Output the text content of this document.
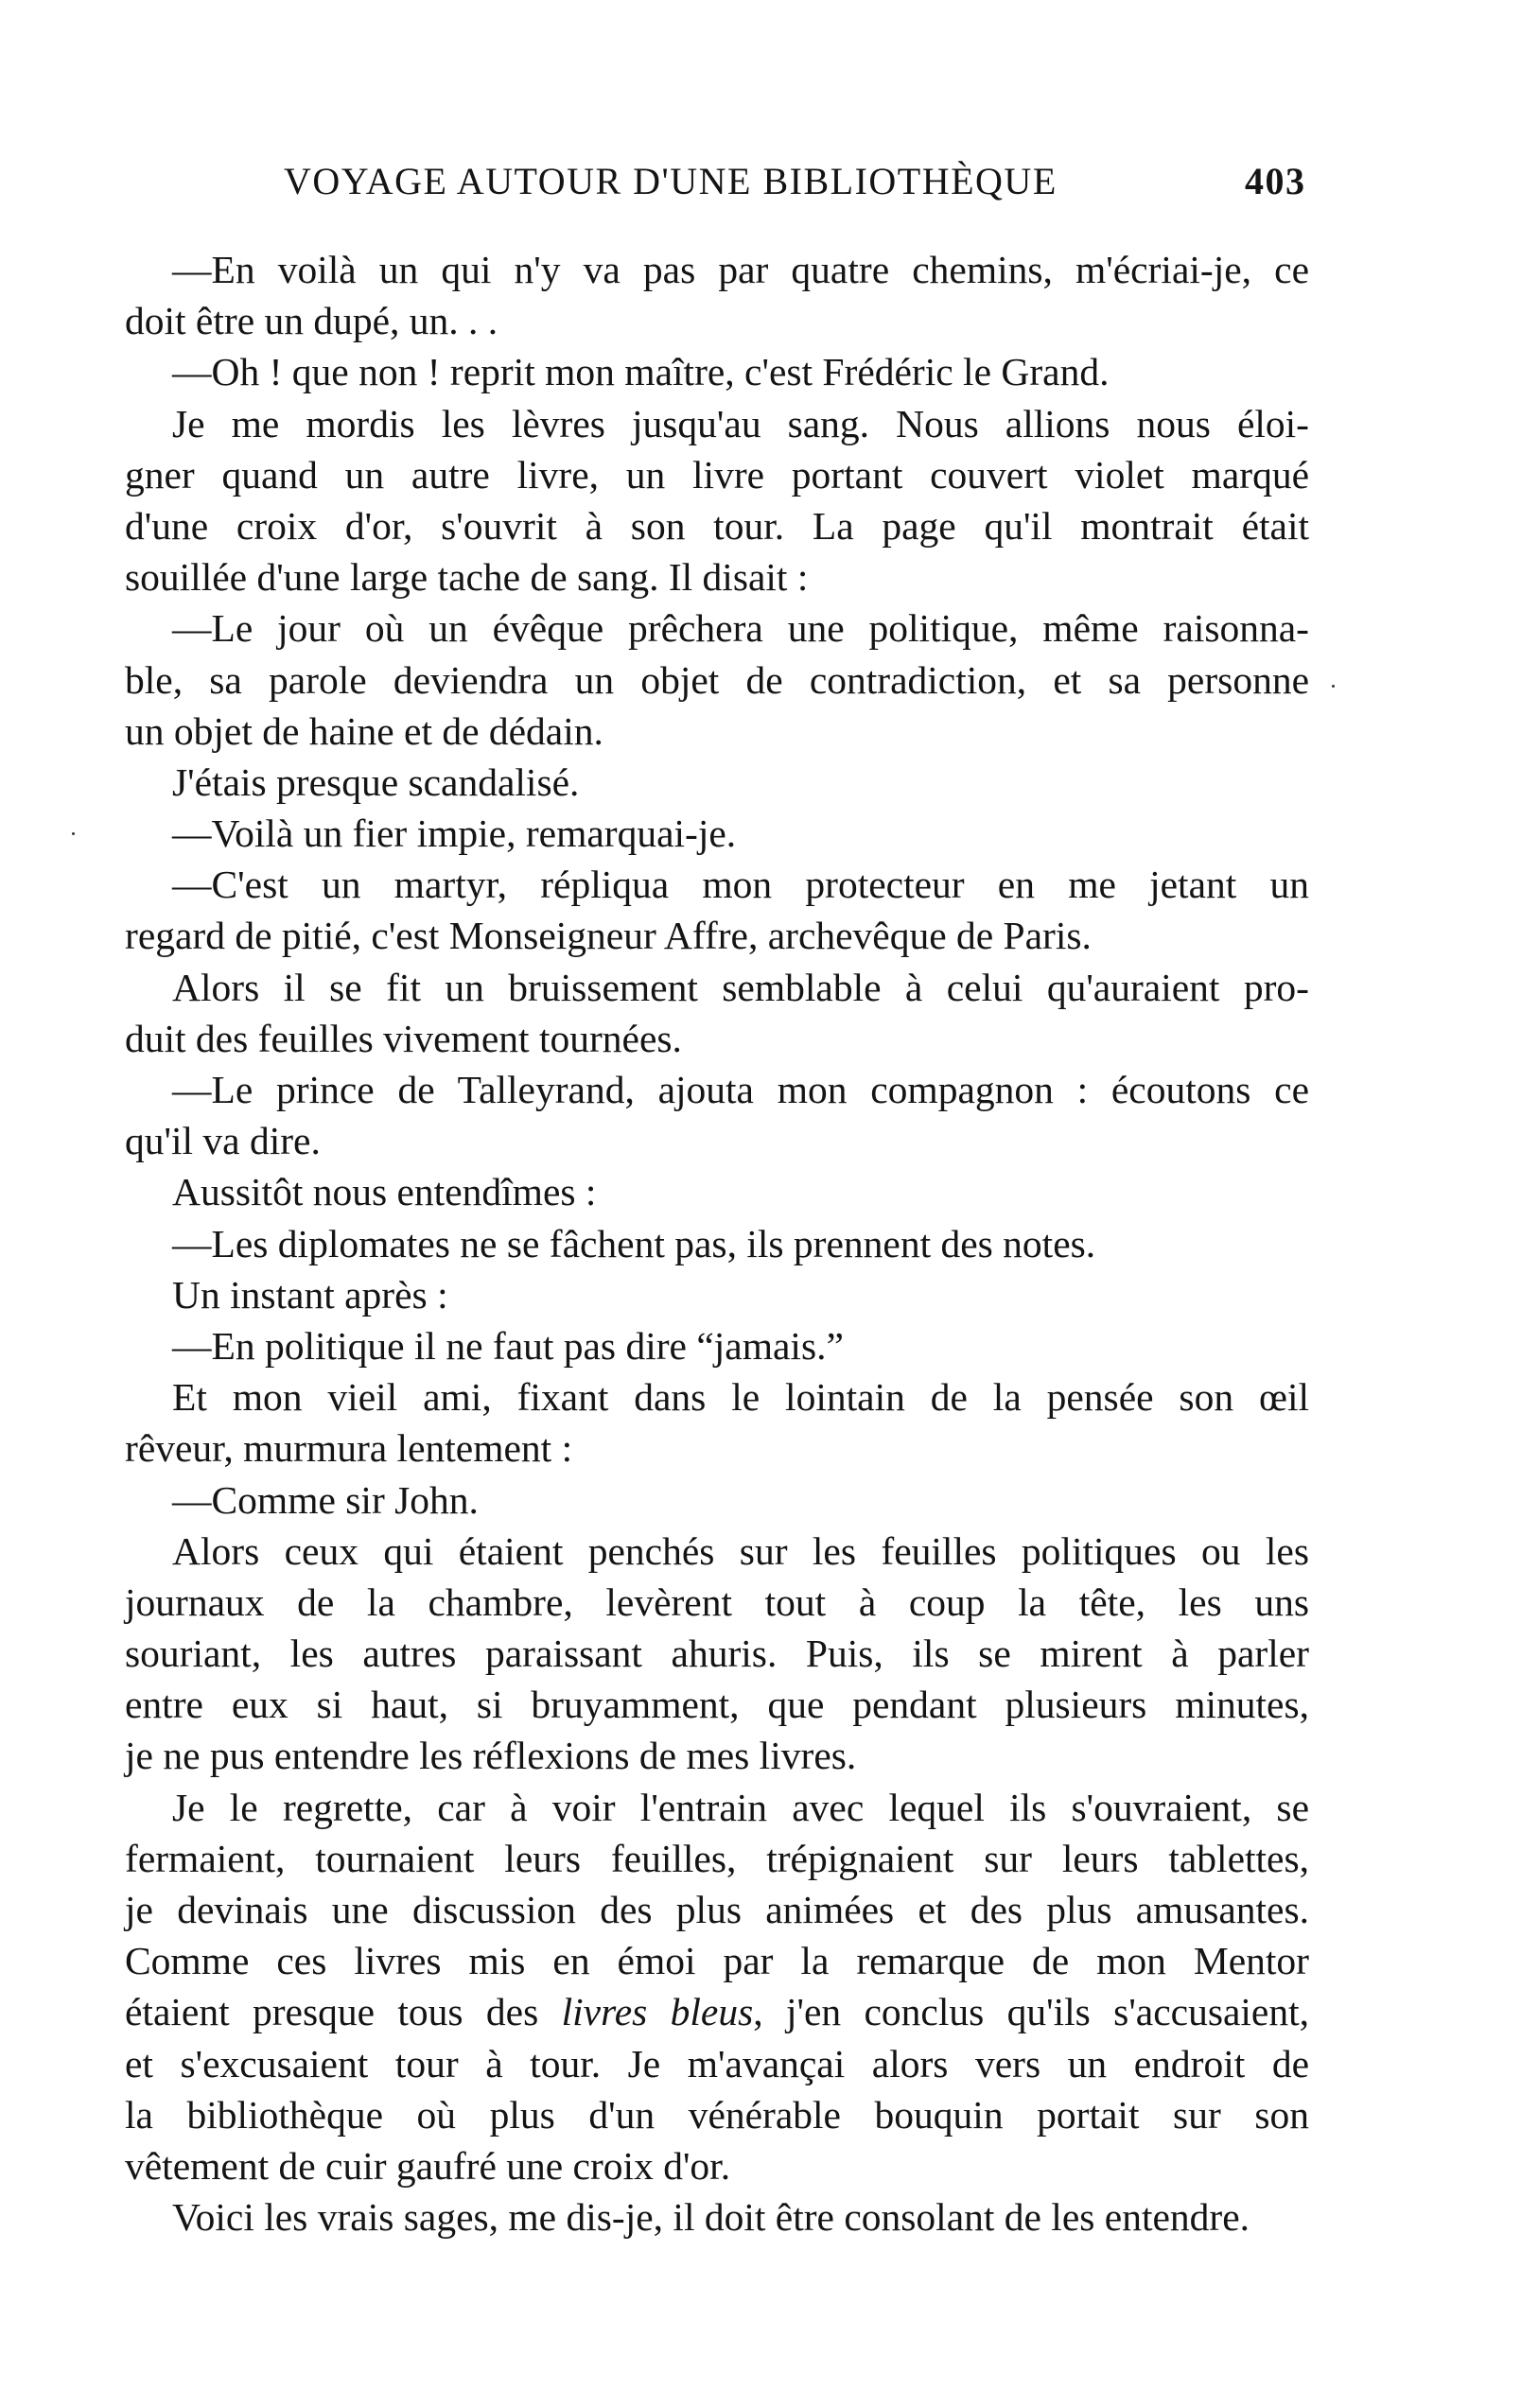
VOYAGE AUTOUR D'UNE BIBLIOTHÈQUE	403
—En voilà un qui n'y va pas par quatre chemins, m'écriai-je, ce
doit être un dupé, un. . .
—Oh ! que non ! reprit mon maître, c'est Frédéric le Grand.
Je me mordis les lèvres jusqu'au sang. Nous allions nous éloi-
gner quand un autre livre, un livre portant couvert violet marqué
d'une croix d'or, s'ouvrit à son tour. La page qu'il montrait était
souillée d'une large tache de sang. Il disait :
—Le jour où un évêque prêchera une politique, même raisonna-
ble, sa parole deviendra un objet de contradiction, et sa personne
un objet de haine et de dédain.
J'étais presque scandalisé.
—Voilà un fier impie, remarquai-je.
—C'est un martyr, répliqua mon protecteur en me jetant un
regard de pitié, c'est Monseigneur Affre, archevêque de Paris.
Alors il se fit un bruissement semblable à celui qu'auraient pro-
duit des feuilles vivement tournées.
—Le prince de Talleyrand, ajouta mon compagnon : écoutons ce
qu'il va dire.
Aussitôt nous entendîmes :
—Les diplomates ne se fâchent pas, ils prennent des notes.
Un instant après :
—En politique il ne faut pas dire “jamais.”
Et mon vieil ami, fixant dans le lointain de la pensée son œil
rêveur, murmura lentement :
—Comme sir John.
Alors ceux qui étaient penchés sur les feuilles politiques ou les
journaux de la chambre, levèrent tout à coup la tête, les uns
souriant, les autres paraissant ahuris. Puis, ils se mirent à parler
entre eux si haut, si bruyamment, que pendant plusieurs minutes,
je ne pus entendre les réflexions de mes livres.
Je le regrette, car à voir l'entrain avec lequel ils s'ouvraient, se
fermaient, tournaient leurs feuilles, trépignaient sur leurs tablettes,
je devinais une discussion des plus animées et des plus amusantes.
Comme ces livres mis en émoi par la remarque de mon Mentor
étaient presque tous des livres bleus, j'en conclus qu'ils s'accusaient,
et s'excusaient tour à tour. Je m'avançai alors vers un endroit de
la bibliothèque où plus d'un vénérable bouquin portait sur son
vêtement de cuir gaufré une croix d'or.
Voici les vrais sages, me dis-je, il doit être consolant de les entendre.
